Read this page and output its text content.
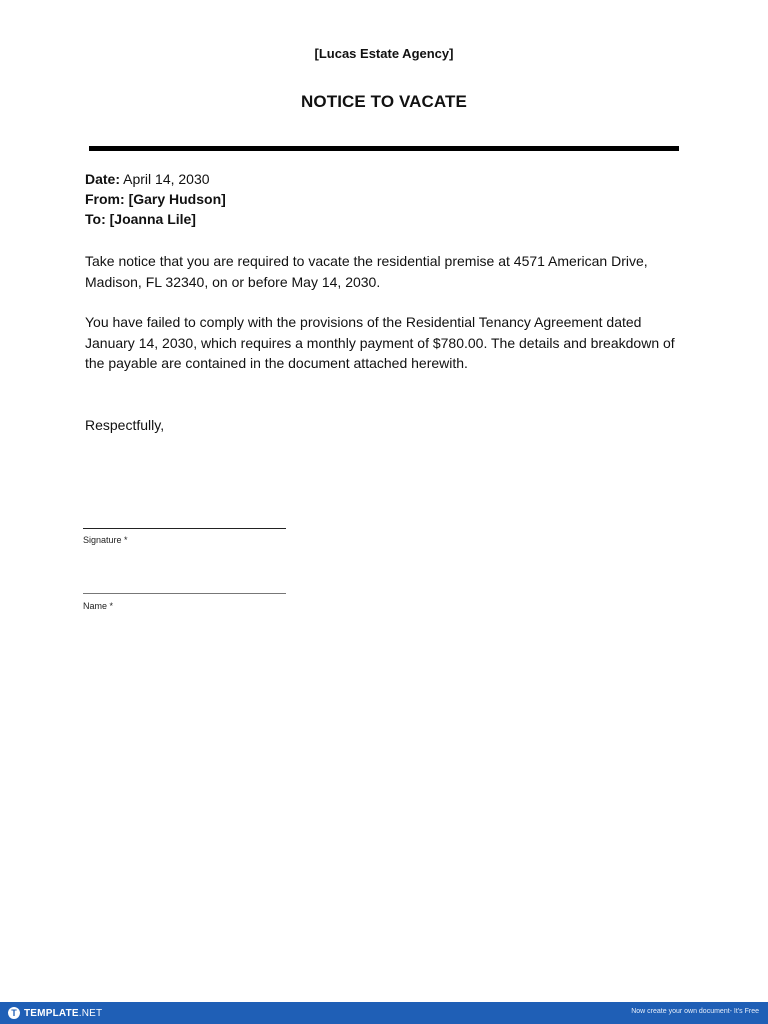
[Lucas Estate Agency]
NOTICE TO VACATE
Date: April 14, 2030
From: [Gary Hudson]
To: [Joanna Lile]

Take notice that you are required to vacate the residential premise at 4571 American Drive, Madison, FL 32340, on or before May 14, 2030.

You have failed to comply with the provisions of the Residential Tenancy Agreement dated January 14, 2030, which requires a monthly payment of $780.00. The details and breakdown of the payable are contained in the document attached herewith.

Respectfully,

Signature *
Name *
T TEMPLATE.NET	Now create your own document- It's Free
